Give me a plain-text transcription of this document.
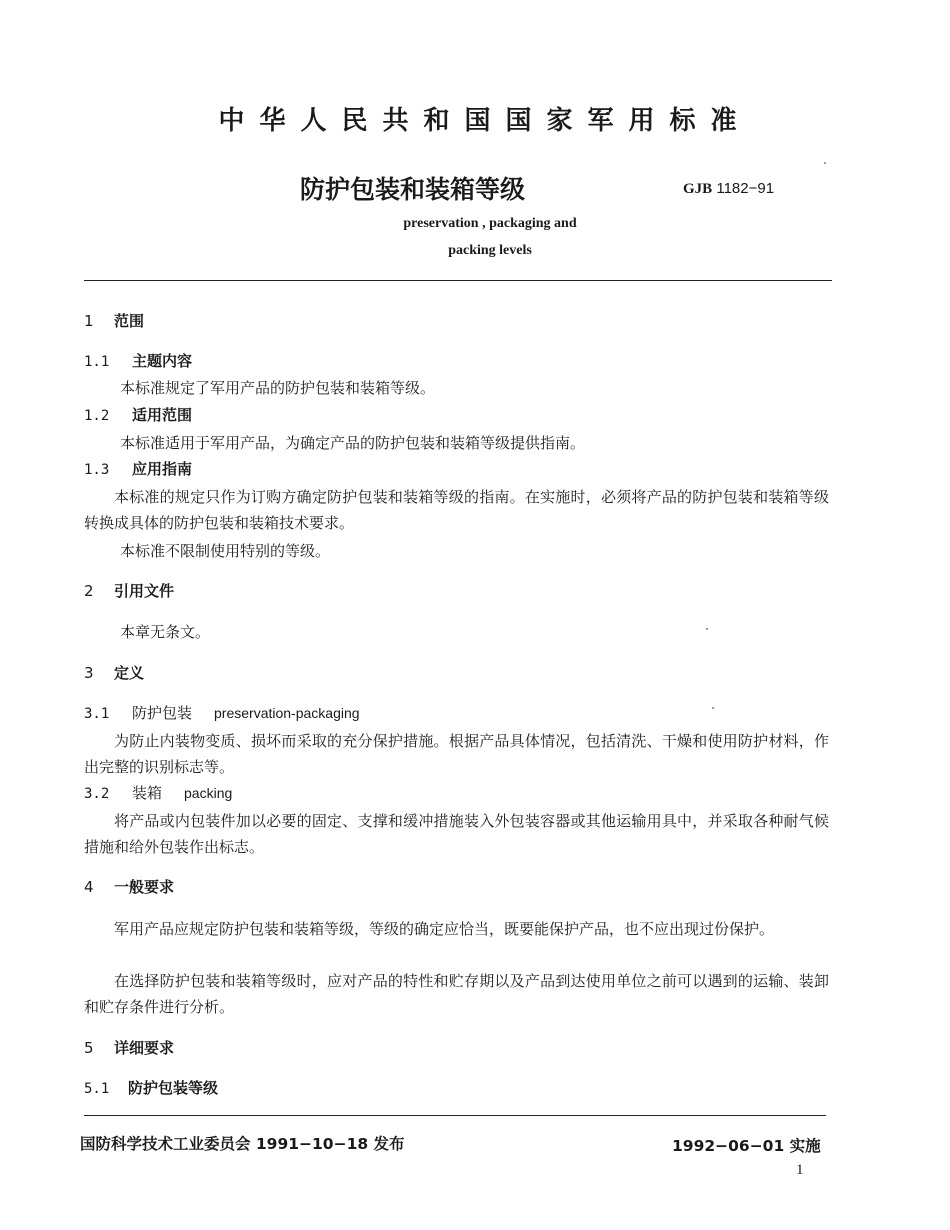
中华人民共和国国家军用标准
防护包装和装箱等级	GJB 1182−91
preservation , packaging and
packing levels
1 范围
1.1 主题内容
本标准规定了军用产品的防护包装和装箱等级。
1.2 适用范围
本标准适用于军用产品，为确定产品的防护包装和装箱等级提供指南。
1.3 应用指南
本标准的规定只作为订购方确定防护包装和装箱等级的指南。在实施时，必须将产品的防护包装和装箱等级转换成具体的防护包装和装箱技术要求。
本标准不限制使用特别的等级。
2 引用文件
本章无条文。
3 定义
3.1 防护包装 preservation-packaging
为防止内装物变质、损坏而采取的充分保护措施。根据产品具体情况，包括清洗、干燥和使用防护材料，作出完整的识别标志等。
3.2 装箱 packing
将产品或内包装件加以必要的固定、支撑和缓冲措施装入外包装容器或其他运输用具中，并采取各种耐气候措施和给外包装作出标志。
4 一般要求
军用产品应规定防护包装和装箱等级，等级的确定应恰当，既要能保护产品，也不应出现过份保护。
在选择防护包装和装箱等级时，应对产品的特性和贮存期以及产品到达使用单位之前可以遇到的运输、装卸和贮存条件进行分析。
5 详细要求
5.1 防护包装等级
国防科学技术工业委员会 1991−10−18 发布	1992−06−01 实施
1
